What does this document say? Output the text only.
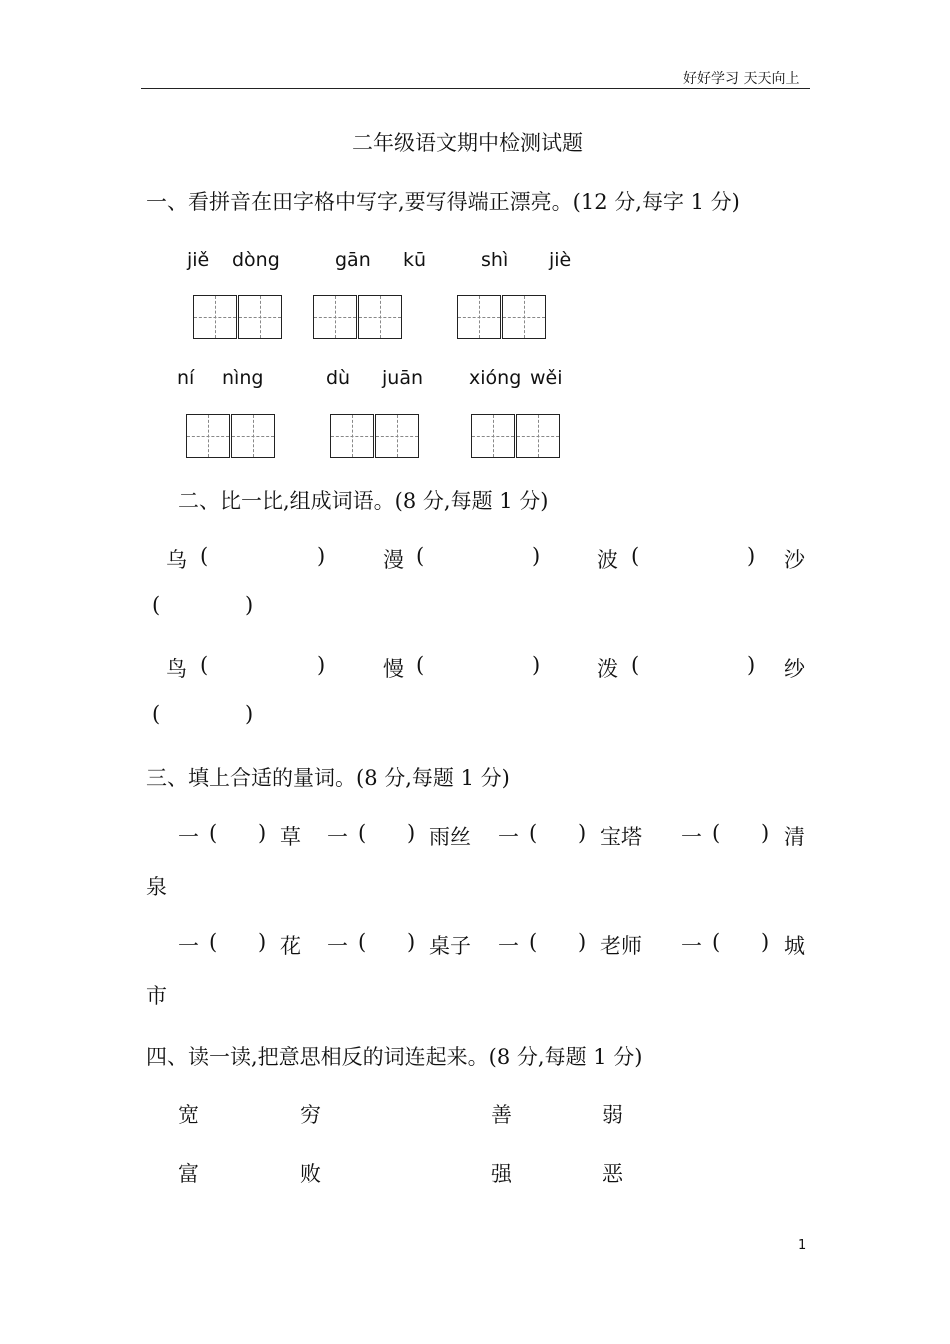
好好学习 天天向上
二年级语文期中检测试题
一、看拼音在田字格中写字,要写得端正漂亮。(12 分,每字 1 分)
jiě dòng	gān kū	shì jiè
ní nìng	dù juān xióng wěi
二、比一比,组成词语。(8 分,每题 1 分)
乌 (	)	漫 (	)	波 (	) 沙
(	)
鸟 (	)	慢 (	)	泼 (	) 纱
(	)
三、填上合适的量词。(8 分,每题 1 分)
一 ( ) 草 一 ( ) 雨丝 一 ( ) 宝塔 一 ( ) 清
泉
一 ( ) 花 一 ( ) 桌子 一 ( ) 老师 一 ( ) 城
市
四、读一读,把意思相反的词连起来。(8 分,每题 1 分)
宽	穷	善	弱
富	败	强	恶
1
